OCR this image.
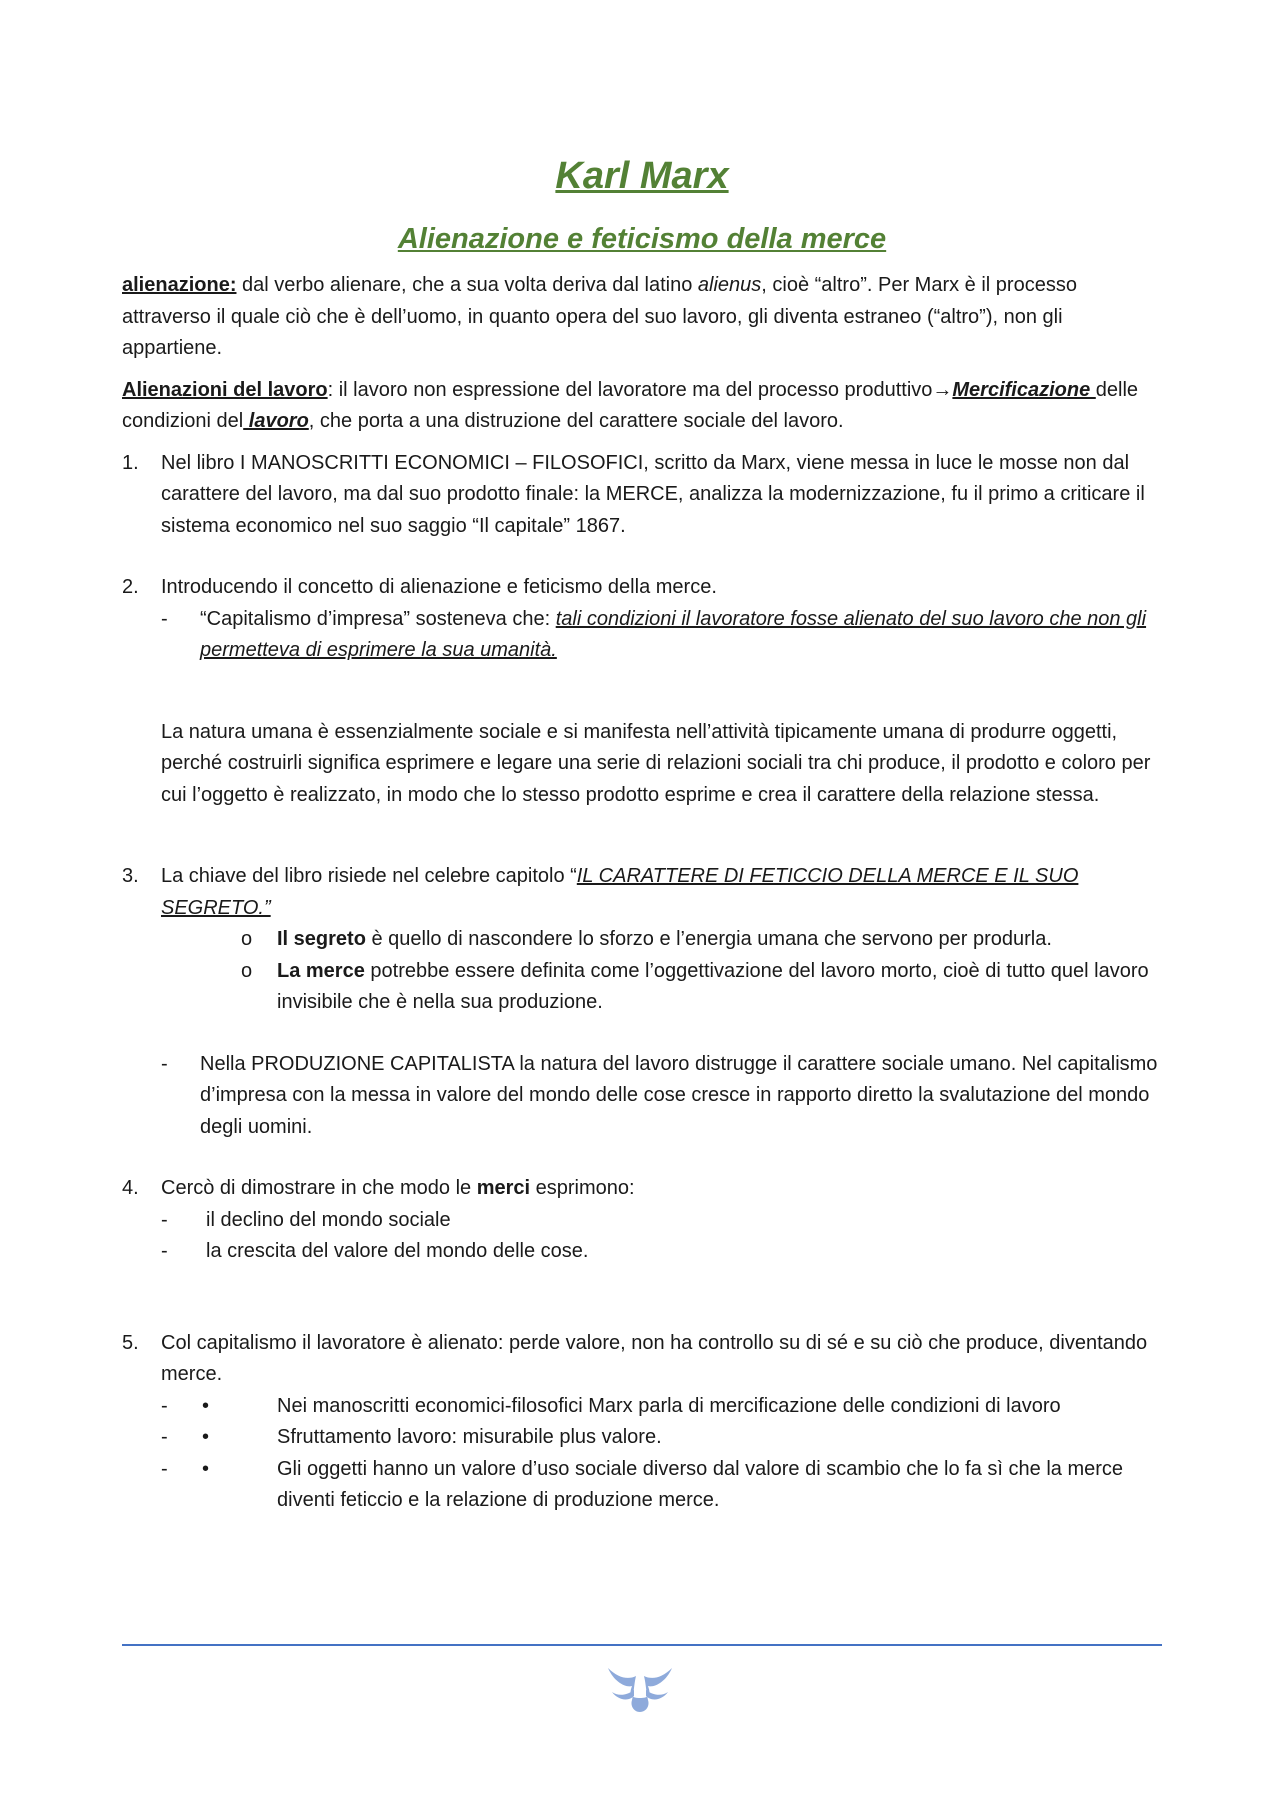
Karl Marx
Alienazione e feticismo della merce

alienazione: dal verbo alienare, che a sua volta deriva dal latino alienus, cioè “altro”. Per Marx è il processo attraverso il quale ciò che è dell’uomo, in quanto opera del suo lavoro, gli diventa estraneo (“altro”), non gli appartiene.

Alienazioni del lavoro: il lavoro non espressione del lavoratore ma del processo produttivo→Mercificazione delle condizioni del lavoro, che porta a una distruzione del carattere sociale del lavoro.

1. Nel libro I MANOSCRITTI ECONOMICI – FILOSOFICI, scritto da Marx, viene messa in luce le mosse non dal carattere del lavoro, ma dal suo prodotto finale: la MERCE, analizza la modernizzazione, fu il primo a criticare il sistema economico nel suo saggio “Il capitale” 1867.
2. Introducendo il concetto di alienazione e feticismo della merce.
- “Capitalismo d’impresa” sosteneva che: tali condizioni il lavoratore fosse alienato del suo lavoro che non gli permetteva di esprimere la sua umanità.
La natura umana è essenzialmente sociale e si manifesta nell’attività tipicamente umana di produrre oggetti, perché costruirli significa esprimere e legare una serie di relazioni sociali tra chi produce, il prodotto e coloro per cui l’oggetto è realizzato, in modo che lo stesso prodotto esprime e crea il carattere della relazione stessa.
3. La chiave del libro risiede nel celebre capitolo “IL CARATTERE DI FETICCIO DELLA MERCE E IL SUO SEGRETO.”
o Il segreto è quello di nascondere lo sforzo e l’energia umana che servono per produrla.
o La merce potrebbe essere definita come l’oggettivazione del lavoro morto, cioè di tutto quel lavoro invisibile che è nella sua produzione.
- Nella PRODUZIONE CAPITALISTA la natura del lavoro distrugge il carattere sociale umano. Nel capitalismo d’impresa con la messa in valore del mondo delle cose cresce in rapporto diretto la svalutazione del mondo degli uomini.
4. Cercò di dimostrare in che modo le merci esprimono:
- il declino del mondo sociale
- la crescita del valore del mondo delle cose.
5. Col capitalismo il lavoratore è alienato: perde valore, non ha controllo su di sé e su ciò che produce, diventando merce.
- •	Nei manoscritti economici-filosofici Marx parla di mercificazione delle condizioni di lavoro
- •	Sfruttamento lavoro: misurabile plus valore.
- •	Gli oggetti hanno un valore d’uso sociale diverso dal valore di scambio che lo fa sì che la merce diventi feticcio e la relazione di produzione merce.
